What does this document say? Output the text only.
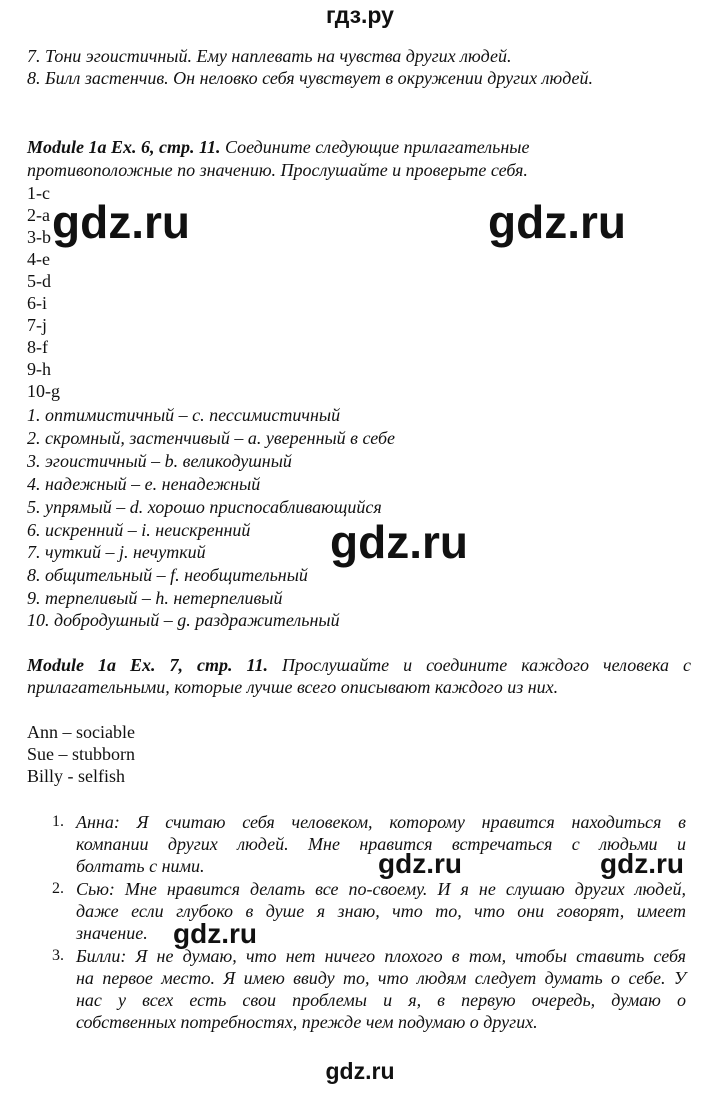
гдз.ру
7. Тони эгоистичный. Ему наплевать на чувства других людей.
8. Билл застенчив. Он неловко себя чувствует в окружении других людей.
Module 1a Ex. 6, стр. 11. Соедините следующие прилагательные
противоположные по значению. Прослушайте и проверьте себя.
1-c
2-a
3-b
4-e
5-d
6-i
7-j
8-f
9-h
10-g
1. оптимистичный – c. пессимистичный
2. скромный, застенчивый – a. уверенный в себе
3. эгоистичный – b. великодушный
4. надежный – e. ненадежный
5. упрямый – d. хорошо приспосабливающийся
6. искренний – i. неискренний
7. чуткий – j. нечуткий
8. общительный – f. необщительный
9. терпеливый – h. нетерпеливый
10. добродушный – g. раздражительный
Module 1a Ex. 7, стр. 11. Прослушайте и соедините каждого человека с
прилагательными, которые лучше всего описывают каждого из них.
Ann – sociable
Sue – stubborn
Billy - selfish
1. Анна: Я считаю себя человеком, которому нравится находиться в
компании других людей. Мне нравится встречаться с людьми и
болтать с ними.
2. Сью: Мне нравится делать все по-своему. И я не слушаю других людей,
даже если глубоко в душе я знаю, что то, что они говорят, имеет
значение.
3. Билли: Я не думаю, что нет ничего плохого в том, чтобы ставить себя
на первое место. Я имею ввиду то, что людям следует думать о себе. У
нас у всех есть свои проблемы и я, в первую очередь, думаю о
собственных потребностях, прежде чем подумаю о других.
gdz.ru	gdz.ru
gdz.ru
gdz.ru	gdz.ru
gdz.ru
gdz.ru
